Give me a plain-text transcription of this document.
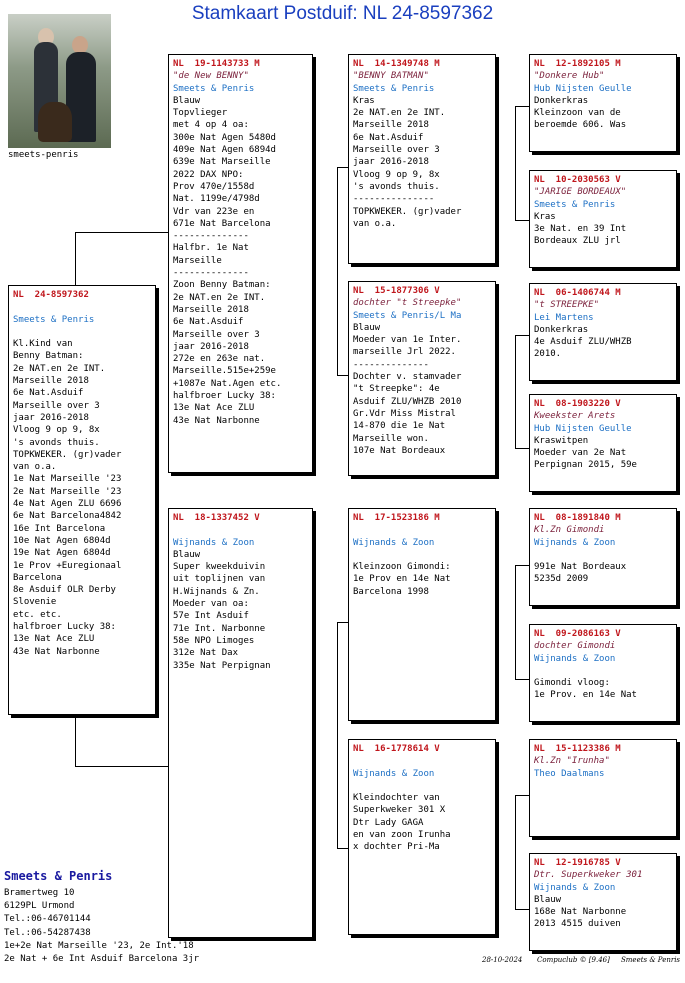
Stamkaart Postduif: NL 24-8597362
smeets-penris
NL  24-8597362
Smeets & Penris
Kl.Kind van
Benny Batman:
2e NAT.en 2e INT.
Marseille 2018
6e Nat.Asduif
Marseille over 3
jaar 2016-2018
Vloog 9 op 9, 8x
's avonds thuis.
TOPKWEKER. (gr)vader
van o.a.
1e Nat Marseille '23
2e Nat Marseille '23
4e Nat Agen ZLU 6696
6e Nat Barcelona4842
16e Int Barcelona
10e Nat Agen 6804d
19e Nat Agen 6804d
1e Prov +Euregionaal
Barcelona
8e Asduif OLR Derby
Slovenie
etc. etc.
halfbroer Lucky 38:
13e Nat Ace ZLU
43e Nat Narbonne
NL  19-1143733 M
"de New BENNY"
Smeets & Penris
Blauw
Topvlieger
met 4 op 4 oa:
300e Nat Agen 5480d
409e Nat Agen 6894d
639e Nat Marseille
2022 DAX NPO:
Prov 470e/1558d
Nat. 1199e/4798d
Vdr van 223e en
671e Nat Barcelona
--------------
Halfbr. 1e Nat
Marseille
--------------
Zoon Benny Batman:
2e NAT.en 2e INT.
Marseille 2018
6e Nat.Asduif
Marseille over 3
jaar 2016-2018
272e en 263e nat.
Marseille.515e+259e
+1087e Nat.Agen etc.
halfbroer Lucky 38:
13e Nat Ace ZLU
43e Nat Narbonne
NL  18-1337452 V
Wijnands & Zoon
Blauw
Super kweekduivin
uit toplijnen van
H.Wijnands & Zn.
Moeder van oa:
57e Int Asduif
71e Int. Narbonne
58e NPO Limoges
312e Nat Dax
335e Nat Perpignan
NL  14-1349748 M
"BENNY BATMAN"
Smeets & Penris
Kras
2e NAT.en 2e INT.
Marseille 2018
6e Nat.Asduif
Marseille over 3
jaar 2016-2018
Vloog 9 op 9, 8x
's avonds thuis.
---------------
TOPKWEKER. (gr)vader
van o.a.
NL  15-1877306 V
dochter "t Streepke"
Smeets & Penris/L Ma
Blauw
Moeder van 1e Inter.
marseille Jrl 2022.
--------------
Dochter v. stamvader
"t Streepke": 4e
Asduif ZLU/WHZB 2010
Gr.Vdr Miss Mistral
14-870 die 1e Nat
Marseille won.
107e Nat Bordeaux
NL  17-1523186 M
Wijnands & Zoon
Kleinzoon Gimondi:
1e Prov en 14e Nat
Barcelona 1998
NL  16-1778614 V
Wijnands & Zoon
Kleindochter van
Superkweker 301 X
Dtr Lady GAGA
en van zoon Irunha
x dochter Pri-Ma
NL  12-1892105 M
"Donkere Hub"
Hub Nijsten Geulle
Donkerkras
Kleinzoon van de
beroemde 606. Was
NL  10-2030563 V
"JARIGE BORDEAUX"
Smeets & Penris
Kras
3e Nat. en 39 Int
Bordeaux ZLU jrl
NL  06-1406744 M
"t STREEPKE"
Lei Martens
Donkerkras
4e Asduif ZLU/WHZB
2010.
NL  08-1903220 V
Kweekster Arets
Hub Nijsten Geulle
Kraswitpen
Moeder van 2e Nat
Perpignan 2015, 59e
NL  08-1891840 M
Kl.Zn Gimondi
Wijnands & Zoon
991e Nat Bordeaux
5235d 2009
NL  09-2086163 V
dochter Gimondi
Wijnands & Zoon
Gimondi vloog:
1e Prov. en 14e Nat
NL  15-1123386 M
Kl.Zn "Irunha"
Theo Daalmans
NL  12-1916785 V
Dtr. Superkweker 301
Wijnands & Zoon
Blauw
168e Nat Narbonne
2013 4515 duiven
Smeets & Penris
Bramertweg 10
6129PL Urmond
Tel.:06-46701144
Tel.:06-54287438
1e+2e Nat Marseille '23, 2e Int.'18
2e Nat + 6e Int Asduif Barcelona 3jr	28-10-2024 Compuclub © [9.46] Smeets & Penris
